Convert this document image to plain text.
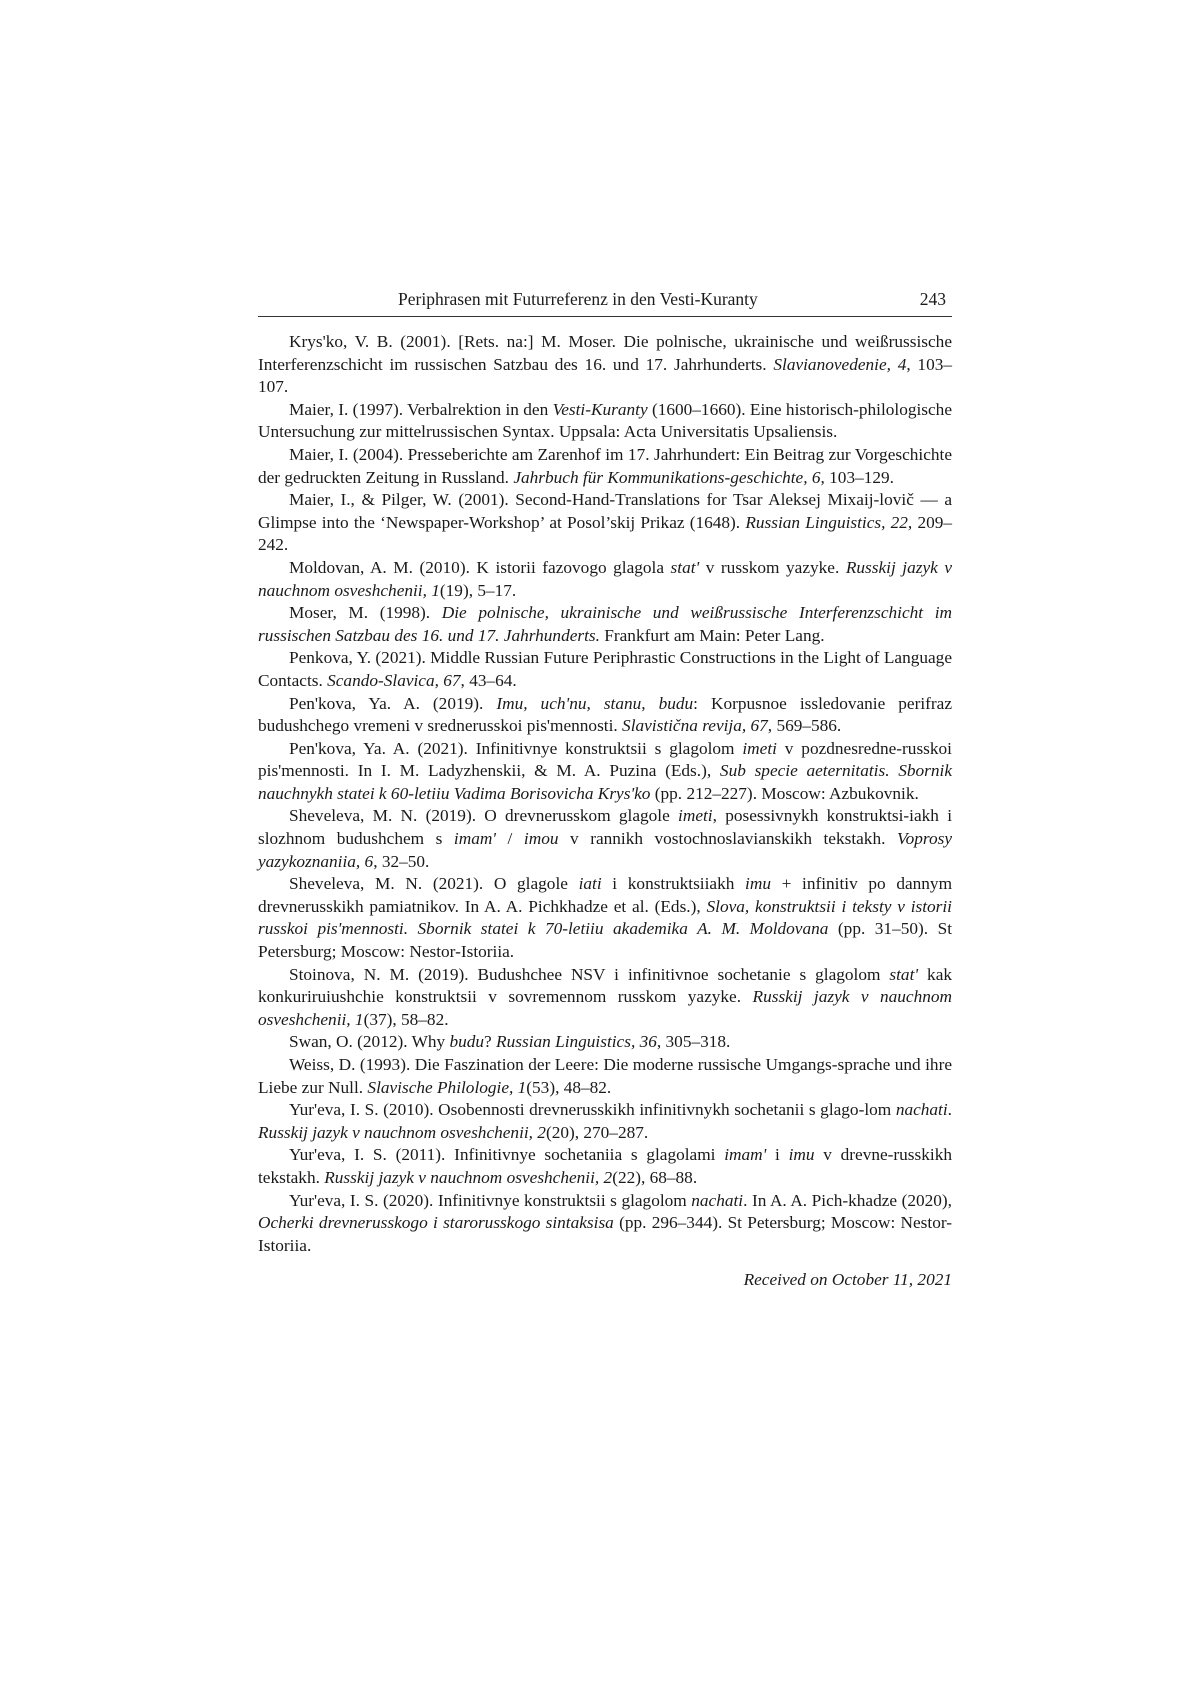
Periphrasen mit Futurreferenz in den Vesti-Kuranty	243

Krys'ko, V. B. (2001). [Rets. na:] M. Moser. Die polnische, ukrainische und weißrussische Interferenzschicht im russischen Satzbau des 16. und 17. Jahrhunderts. Slavianovedenie, 4, 103–107.

Maier, I. (1997). Verbalrektion in den Vesti-Kuranty (1600–1660). Eine historisch-philologische Untersuchung zur mittelrussischen Syntax. Uppsala: Acta Universitatis Upsaliensis.

Maier, I. (2004). Presseberichte am Zarenhof im 17. Jahrhundert: Ein Beitrag zur Vorgeschichte der gedruckten Zeitung in Russland. Jahrbuch für Kommunikations-geschichte, 6, 103–129.

Maier, I., & Pilger, W. (2001). Second-Hand-Translations for Tsar Aleksej Mixaij-lovič — a Glimpse into the ‘Newspaper-Workshop’ at Posol’skij Prikaz (1648). Russian Linguistics, 22, 209–242.

Moldovan, A. M. (2010). K istorii fazovogo glagola stat' v russkom yazyke. Russkij jazyk v nauchnom osveshchenii, 1(19), 5–17.

Moser, M. (1998). Die polnische, ukrainische und weißrussische Interferenzschicht im russischen Satzbau des 16. und 17. Jahrhunderts. Frankfurt am Main: Peter Lang.

Penkova, Y. (2021). Middle Russian Future Periphrastic Constructions in the Light of Language Contacts. Scando-Slavica, 67, 43–64.

Pen'kova, Ya. A. (2019). Imu, uch'nu, stanu, budu: Korpusnoe issledovanie perifraz budushchego vremeni v srednerusskoi pis'mennosti. Slavistična revija, 67, 569–586.

Pen'kova, Ya. A. (2021). Infinitivnye konstruktsii s glagolom imeti v pozdnesredne-russkoi pis'mennosti. In I. M. Ladyzhenskii, & M. A. Puzina (Eds.), Sub specie aeternitatis. Sbornik nauchnykh statei k 60-letiiu Vadima Borisovicha Krys'ko (pp. 212–227). Moscow: Azbukovnik.

Sheveleva, M. N. (2019). O drevnerusskom glagole imeti, posessivnykh konstruktsi-iakh i slozhnom budushchem s imam' / imou v rannikh vostochnoslavianskikh tekstakh. Voprosy yazykoznaniia, 6, 32–50.

Sheveleva, M. N. (2021). O glagole iati i konstruktsiiakh imu + infinitiv po dannym drevnerusskikh pamiatnikov. In A. A. Pichkhadze et al. (Eds.), Slova, konstruktsii i teksty v istorii russkoi pis'mennosti. Sbornik statei k 70-letiiu akademika A. M. Moldovana (pp. 31–50). St Petersburg; Moscow: Nestor-Istoriia.

Stoinova, N. M. (2019). Budushchee NSV i infinitivnoe sochetanie s glagolom stat' kak konkuriruiushchie konstruktsii v sovremennom russkom yazyke. Russkij jazyk v nauchnom osveshchenii, 1(37), 58–82.

Swan, O. (2012). Why budu? Russian Linguistics, 36, 305–318.

Weiss, D. (1993). Die Faszination der Leere: Die moderne russische Umgangs-sprache und ihre Liebe zur Null. Slavische Philologie, 1(53), 48–82.

Yur'eva, I. S. (2010). Osobennosti drevnerusskikh infinitivnykh sochetanii s glago-lom nachati. Russkij jazyk v nauchnom osveshchenii, 2(20), 270–287.

Yur'eva, I. S. (2011). Infinitivnye sochetaniia s glagolami imam' i imu v drevne-russkikh tekstakh. Russkij jazyk v nauchnom osveshchenii, 2(22), 68–88.

Yur'eva, I. S. (2020). Infinitivnye konstruktsii s glagolom nachati. In A. A. Pich-khadze (2020), Ocherki drevnerusskogo i starorusskogo sintaksisa (pp. 296–344). St Petersburg; Moscow: Nestor-Istoriia.

Received on October 11, 2021
